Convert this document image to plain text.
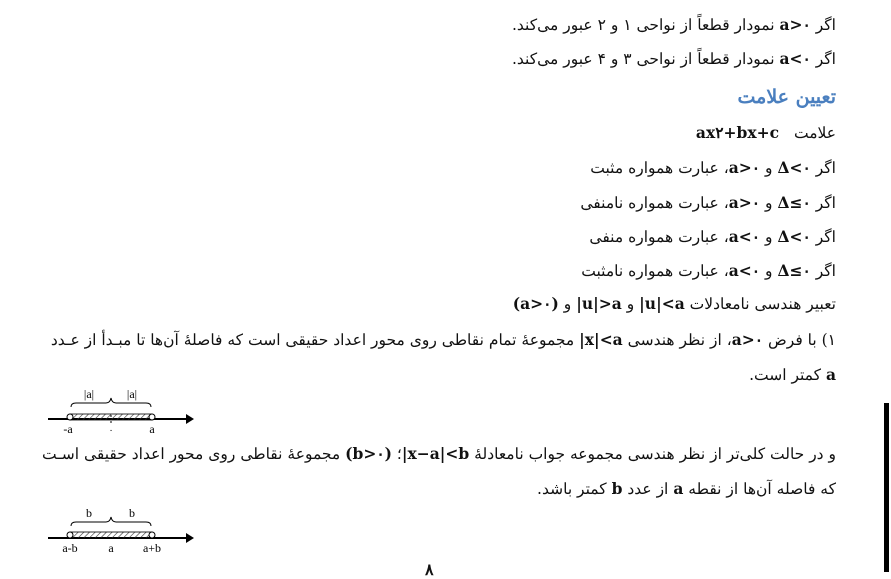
اگر a>۰ نمودار قطعاً از نواحی ۱ و ۲ عبور می‌کند.
اگر a<۰ نمودار قطعاً از نواحی ۳ و ۴ عبور می‌کند.
تعیین علامت
علامت ax۲+bx+c
اگر Δ<۰ و a>۰، عبارت همواره مثبت
اگر Δ≤۰ و a>۰، عبارت همواره نامنفی
اگر Δ<۰ و a<۰، عبارت همواره منفی
اگر Δ≤۰ و a<۰، عبارت همواره نامثبت
تعبیر هندسی نامعادلات |u|<a و |u|>a و (a>۰)
۱) با فرض a>۰، از نظر هندسی |x|<a مجموعهٔ تمام نقاطی روی محور اعداد حقیقی است که فاصلهٔ آن‌ها تا مبـدأ از عـدد
a کمتر است.
|a|	|a|
-a	۰	a
و در حالت کلی‌تر از نظر هندسی مجموعه جواب نامعادلهٔ |x−a|<b؛ (b>۰) مجموعهٔ نقاطی روی محور اعداد حقیقی اسـت
که فاصله آن‌ها از نقطه a از عدد b کمتر باشد.
b	b
a-b	a a+b
۸
